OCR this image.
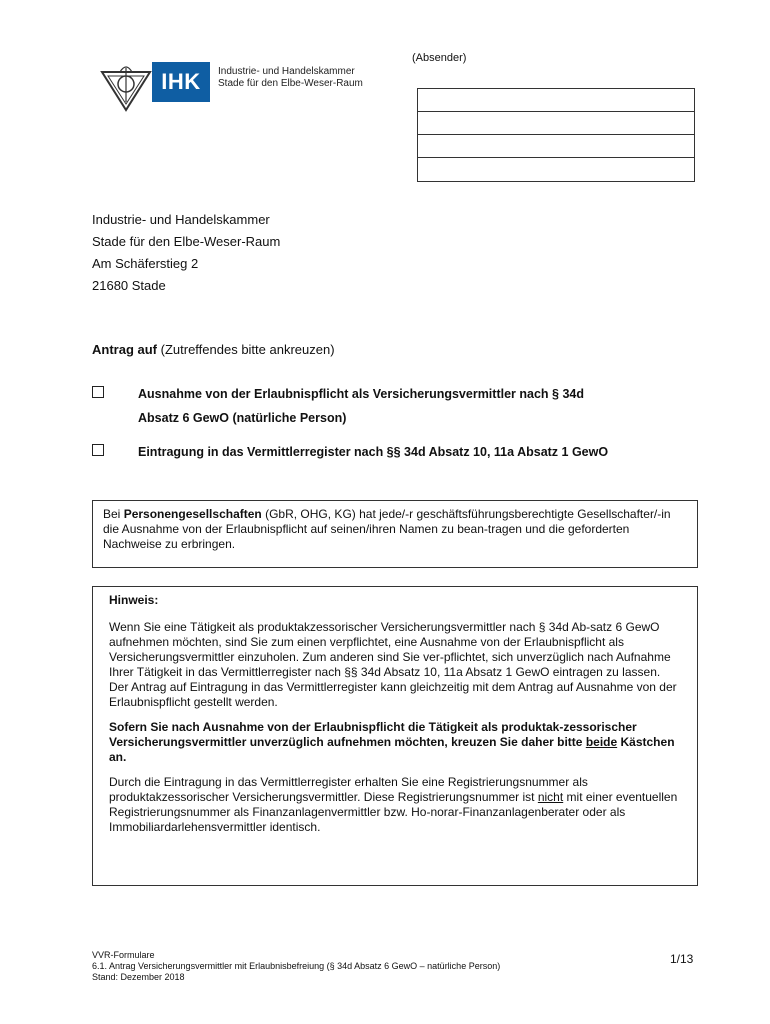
IHK	Industrie- und Handelskammer
Stade für den Elbe-Weser-Raum
(Absender)
Industrie- und Handelskammer
Stade für den Elbe-Weser-Raum
Am Schäferstieg 2
21680 Stade
Antrag auf (Zutreffendes bitte ankreuzen)
Ausnahme von der Erlaubnispflicht als Versicherungsvermittler nach § 34d
Absatz 6 GewO (natürliche Person)
Eintragung in das Vermittlerregister nach §§ 34d Absatz 10, 11a Absatz 1 GewO

Bei Personengesellschaften (GbR, OHG, KG) hat jede/-r geschäftsführungsberechtigte Gesellschafter/-in die Ausnahme von der Erlaubnispflicht auf seinen/ihren Namen zu bean-tragen und die geforderten Nachweise zu erbringen.

Hinweis:

Wenn Sie eine Tätigkeit als produktakzessorischer Versicherungsvermittler nach § 34d Ab-satz 6 GewO aufnehmen möchten, sind Sie zum einen verpflichtet, eine Ausnahme von der Erlaubnispflicht als Versicherungsvermittler einzuholen. Zum anderen sind Sie ver-pflichtet, sich unverzüglich nach Aufnahme Ihrer Tätigkeit in das Vermittlerregister nach §§ 34d Absatz 10, 11a Absatz 1 GewO eintragen zu lassen. Der Antrag auf Eintragung in das Vermittlerregister kann gleichzeitig mit dem Antrag auf Ausnahme von der Erlaubnispflicht gestellt werden.

Sofern Sie nach Ausnahme von der Erlaubnispflicht die Tätigkeit als produktak-zessorischer Versicherungsvermittler unverzüglich aufnehmen möchten, kreuzen Sie daher bitte beide Kästchen an.

Durch die Eintragung in das Vermittlerregister erhalten Sie eine Registrierungsnummer als produktakzessorischer Versicherungsvermittler. Diese Registrierungsnummer ist nicht mit einer eventuellen Registrierungsnummer als Finanzanlagenvermittler bzw. Ho-norar-Finanzanlagenberater oder als Immobiliardarlehensvermittler identisch.

VVR-Formulare
6.1. Antrag Versicherungsvermittler mit Erlaubnisbefreiung (§ 34d Absatz 6 GewO – natürliche Person)
Stand: Dezember 2018
1/13
